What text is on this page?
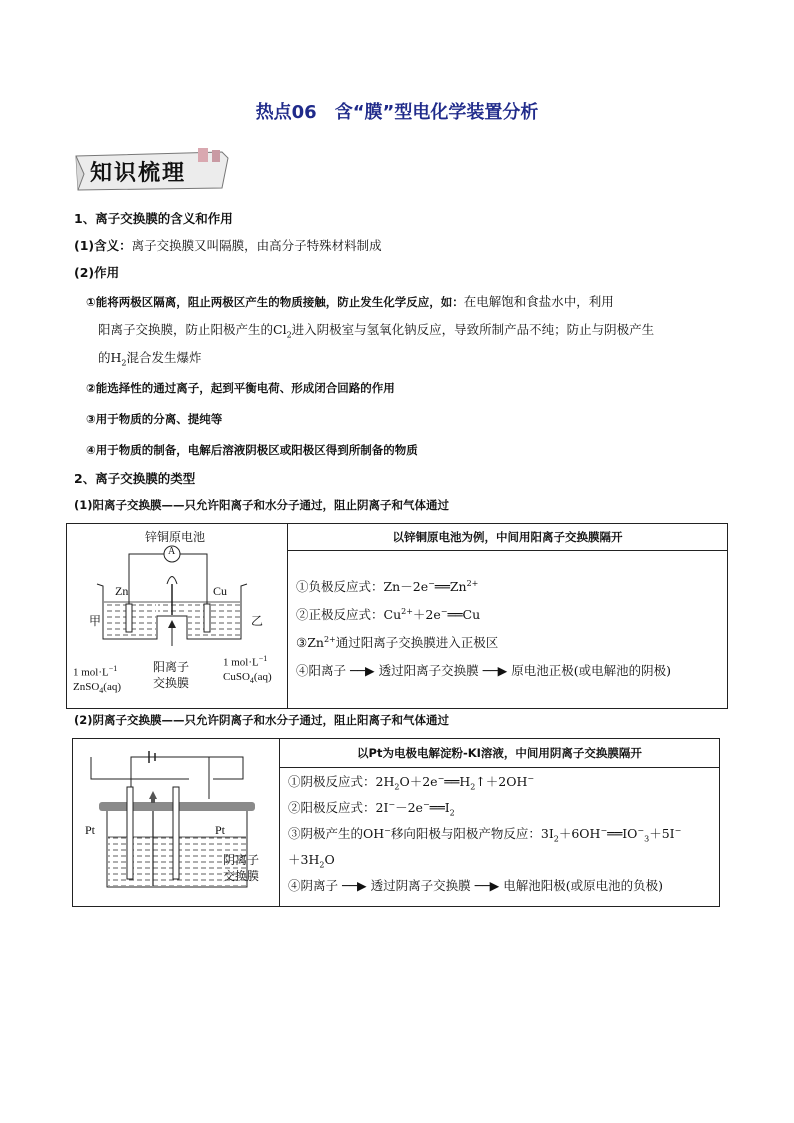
热点06　含“膜”型电化学装置分析
知识梳理
1、离子交换膜的含义和作用
(1)含义：离子交换膜又叫隔膜，由高分子特殊材料制成
(2)作用
①能将两极区隔离，阻止两极区产生的物质接触，防止发生化学反应，如：在电解饱和食盐水中，利用
阳离子交换膜，防止阳极产生的$Cl_2$进入阴极室与氢氧化钠反应，导致所制产品不纯；防止与阴极产生
的$H_2$混合发生爆炸
②能选择性的通过离子，起到平衡电荷、形成闭合回路的作用
③用于物质的分离、提纯等
④用于物质的制备，电解后溶液阴极区或阳极区得到所制备的物质
2、离子交换膜的类型
(1)阳离子交换膜——只允许阳离子和水分子通过，阻止阴离子和气体通过
锌铜原电池
A
Zn	Cu
甲	乙
1 $mol\cdot L^{-1}$
ZnSO$_4$(aq)
1 $mol\cdot L^{-1}$
CuSO$_4$(aq)
阳离子
交换膜
	以锌铜原电池为例，中间用阳离子交换膜隔开

①负极反应式：$Zn-2e^-══Zn^{2+}$
②正极反应式：$Cu^{2+}+2e^-══Cu$
$③Zn^{2+}$通过阳离子交换膜进入正极区
④阳离子 ──▶ 透过阳离子交换膜 ──▶ 原电池正极(或电解池的阴极)
(2)阴离子交换膜——只允许阴离子和水分子通过，阻止阳离子和气体通过
Pt	Pt
阴离子
交换膜
	以Pt为电极电解淀粉-KI溶液，中间用阴离子交换膜隔开

①阴极反应式：$2H_2O+2e^-══H_2↑+2OH^-$
②阳极反应式：$2I^--2e^-══I_2$
③阴极产生的OH−移向阳极与阳极产物反应：$3I_2+6OH^-══IO^-_3+5I^-$
$+3H_2O$
④阴离子 ──▶ 透过阴离子交换膜 ──▶ 电解池阳极(或原电池的负极)
